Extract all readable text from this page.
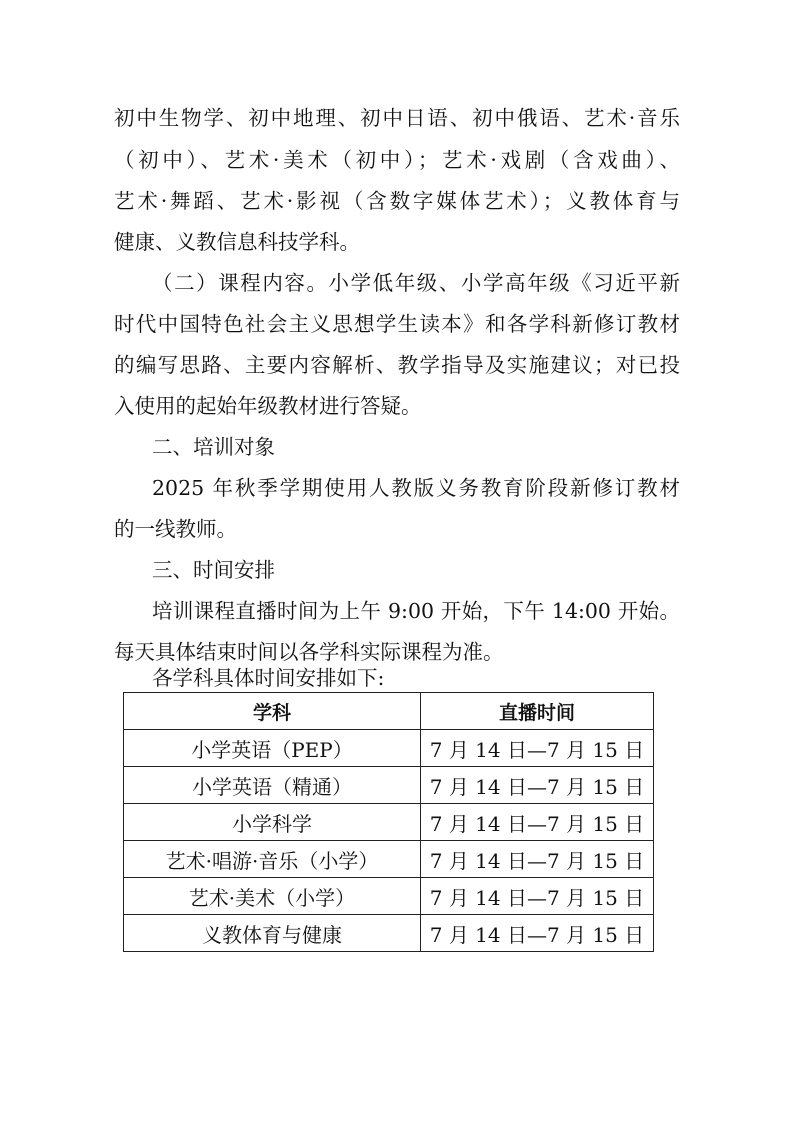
初中生物学、初中地理、初中日语、初中俄语、艺术·音乐
（初中）、艺术·美术（初中）；艺术·戏剧（含戏曲）、
艺术·舞蹈、艺术·影视（含数字媒体艺术）；义教体育与
健康、义教信息科技学科。
（二）课程内容。小学低年级、小学高年级《习近平新
时代中国特色社会主义思想学生读本》和各学科新修订教材
的编写思路、主要内容解析、教学指导及实施建议；对已投
入使用的起始年级教材进行答疑。
二、培训对象
2025 年秋季学期使用人教版义务教育阶段新修订教材
的一线教师。
三、时间安排
培训课程直播时间为上午 9:00 开始，下午 14:00 开始。
每天具体结束时间以各学科实际课程为准。
各学科具体时间安排如下:
学科	直播时间
小学英语（PEP）	7 月 14 日—7 月 15 日
小学英语（精通）	7 月 14 日—7 月 15 日
小学科学	7 月 14 日—7 月 15 日
艺术·唱游·音乐（小学）	7 月 14 日—7 月 15 日
艺术·美术（小学）	7 月 14 日—7 月 15 日
义教体育与健康	7 月 14 日—7 月 15 日
